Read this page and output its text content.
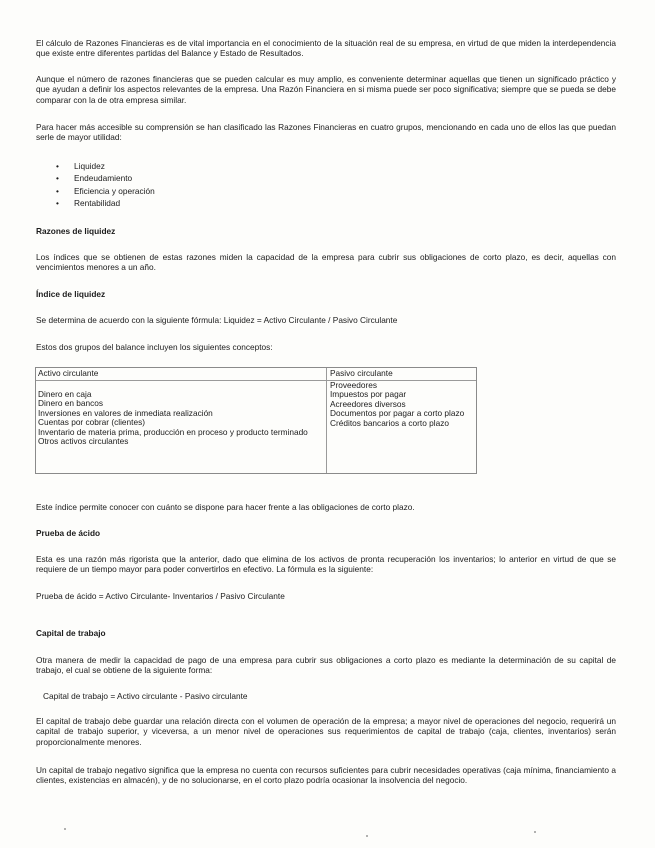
El cálculo de Razones Financieras es de vital importancia en el conocimiento de la situación real de su empresa, en virtud de que miden la interdependencia que existe entre diferentes partidas del Balance y Estado de Resultados.
Aunque el número de razones financieras que se pueden calcular es muy amplio, es conveniente determinar aquellas que tienen un significado práctico y que ayudan a definir los aspectos relevantes de la empresa. Una Razón Financiera en si misma puede ser poco significativa; siempre que se pueda se debe comparar con la de otra empresa similar.
Para hacer más accesible su comprensión se han clasificado las Razones Financieras en cuatro grupos, mencionando en cada uno de ellos las que puedan serle de mayor utilidad:
• Liquidez
• Endeudamiento
• Eficiencia y operación
• Rentabilidad
Razones de liquidez
Los índices que se obtienen de estas razones miden la capacidad de la empresa para cubrir sus obligaciones de corto plazo, es decir, aquellas con vencimientos menores a un año.
Índice de liquidez
Se determina de acuerdo con la siguiente fórmula: Liquidez = Activo Circulante / Pasivo Circulante
Estos dos grupos del balance incluyen los siguientes conceptos:
Activo circulante	Pasivo circulante
Dinero en caja
Dinero en bancos
Inversiones en valores de inmediata realización
Cuentas por cobrar (clientes)
Inventario de materia prima, producción en proceso y producto terminado
Otros activos circulantes
Proveedores
Impuestos por pagar
Acreedores diversos
Documentos por pagar a corto plazo
Créditos bancarios a corto plazo
Este índice permite conocer con cuánto se dispone para hacer frente a las obligaciones de corto plazo.
Prueba de ácido
Esta es una razón más rigorista que la anterior, dado que elimina de los activos de pronta recuperación los inventarios; lo anterior en virtud de que se requiere de un tiempo mayor para poder convertirlos en efectivo. La fórmula es la siguiente:
Prueba de ácido = Activo Circulante- Inventarios / Pasivo Circulante
Capital de trabajo
Otra manera de medir la capacidad de pago de una empresa para cubrir sus obligaciones a corto plazo es mediante la determinación de su capital de trabajo, el cual se obtiene de la siguiente forma:
Capital de trabajo = Activo circulante - Pasivo circulante
El capital de trabajo debe guardar una relación directa con el volumen de operación de la empresa; a mayor nivel de operaciones del negocio, requerirá un capital de trabajo superior, y viceversa, a un menor nivel de operaciones sus requerimientos de capital de trabajo (caja, clientes, inventarios) serán proporcionalmente menores.
Un capital de trabajo negativo significa que la empresa no cuenta con recursos suficientes para cubrir necesidades operativas (caja mínima, financiamiento a clientes, existencias en almacén), y de no solucionarse, en el corto plazo podría ocasionar la insolvencia del negocio.
